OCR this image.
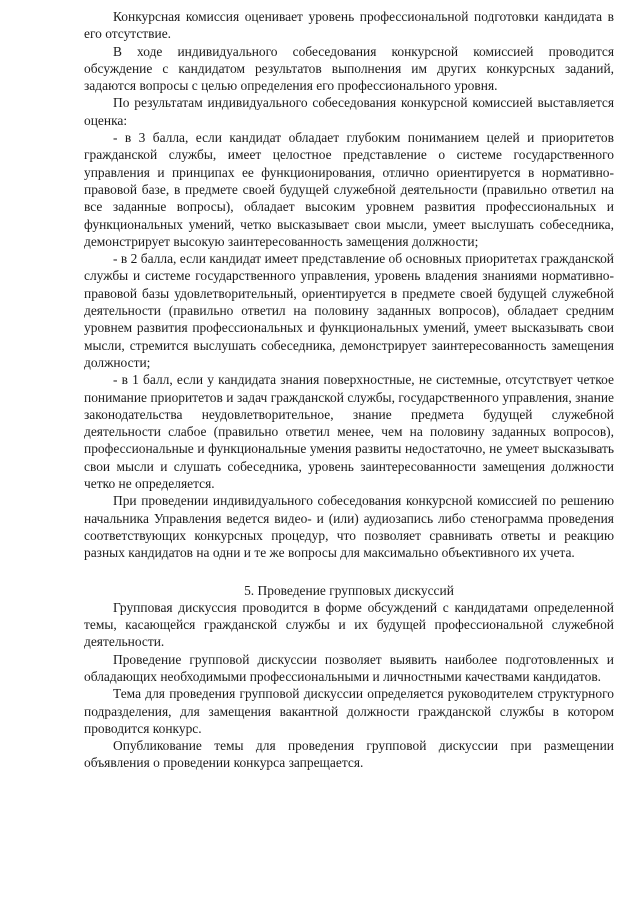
Конкурсная комиссия оценивает уровень профессиональной подготовки кандидата в его отсутствие.

В ходе индивидуального собеседования конкурсной комиссией проводится обсуждение с кандидатом результатов выполнения им других конкурсных заданий, задаются вопросы с целью определения его профессионального уровня.

По результатам индивидуального собеседования конкурсной комиссией выставляется оценка:

- в 3 балла, если кандидат обладает глубоким пониманием целей и приоритетов гражданской службы, имеет целостное представление о системе государственного управления и принципах ее функционирования, отлично ориентируется в нормативно-правовой базе, в предмете своей будущей служебной деятельности (правильно ответил на все заданные вопросы), обладает высоким уровнем развития профессиональных и функциональных умений, четко высказывает свои мысли, умеет выслушать собеседника, демонстрирует высокую заинтересованность замещения должности;

- в 2 балла, если кандидат имеет представление об основных приоритетах гражданской службы и системе государственного управления, уровень владения знаниями нормативно-правовой базы удовлетворительный, ориентируется в предмете своей будущей служебной деятельности (правильно ответил на половину заданных вопросов), обладает средним уровнем развития профессиональных и функциональных умений, умеет высказывать свои мысли, стремится выслушать собеседника, демонстрирует заинтересованность замещения должности;

- в 1 балл, если у кандидата знания поверхностные, не системные, отсутствует четкое понимание приоритетов и задач гражданской службы, государственного управления, знание законодательства неудовлетворительное, знание предмета будущей служебной деятельности слабое (правильно ответил менее, чем на половину заданных вопросов), профессиональные и функциональные умения развиты недостаточно, не умеет высказывать свои мысли и слушать собеседника, уровень заинтересованности замещения должности четко не определяется.

При проведении индивидуального собеседования конкурсной комиссией по решению начальника Управления ведется видео- и (или) аудиозапись либо стенограмма проведения соответствующих конкурсных процедур, что позволяет сравнивать ответы и реакцию разных кандидатов на одни и те же вопросы для максимально объективного их учета.

5. Проведение групповых дискуссий

Групповая дискуссия проводится в форме обсуждений с кандидатами определенной темы, касающейся гражданской службы и их будущей профессиональной служебной деятельности.

Проведение групповой дискуссии позволяет выявить наиболее подготовленных и обладающих необходимыми профессиональными и личностными качествами кандидатов.

Тема для проведения групповой дискуссии определяется руководителем структурного подразделения, для замещения вакантной должности гражданской службы в котором проводится конкурс.

Опубликование темы для проведения групповой дискуссии при размещении объявления о проведении конкурса запрещается.
